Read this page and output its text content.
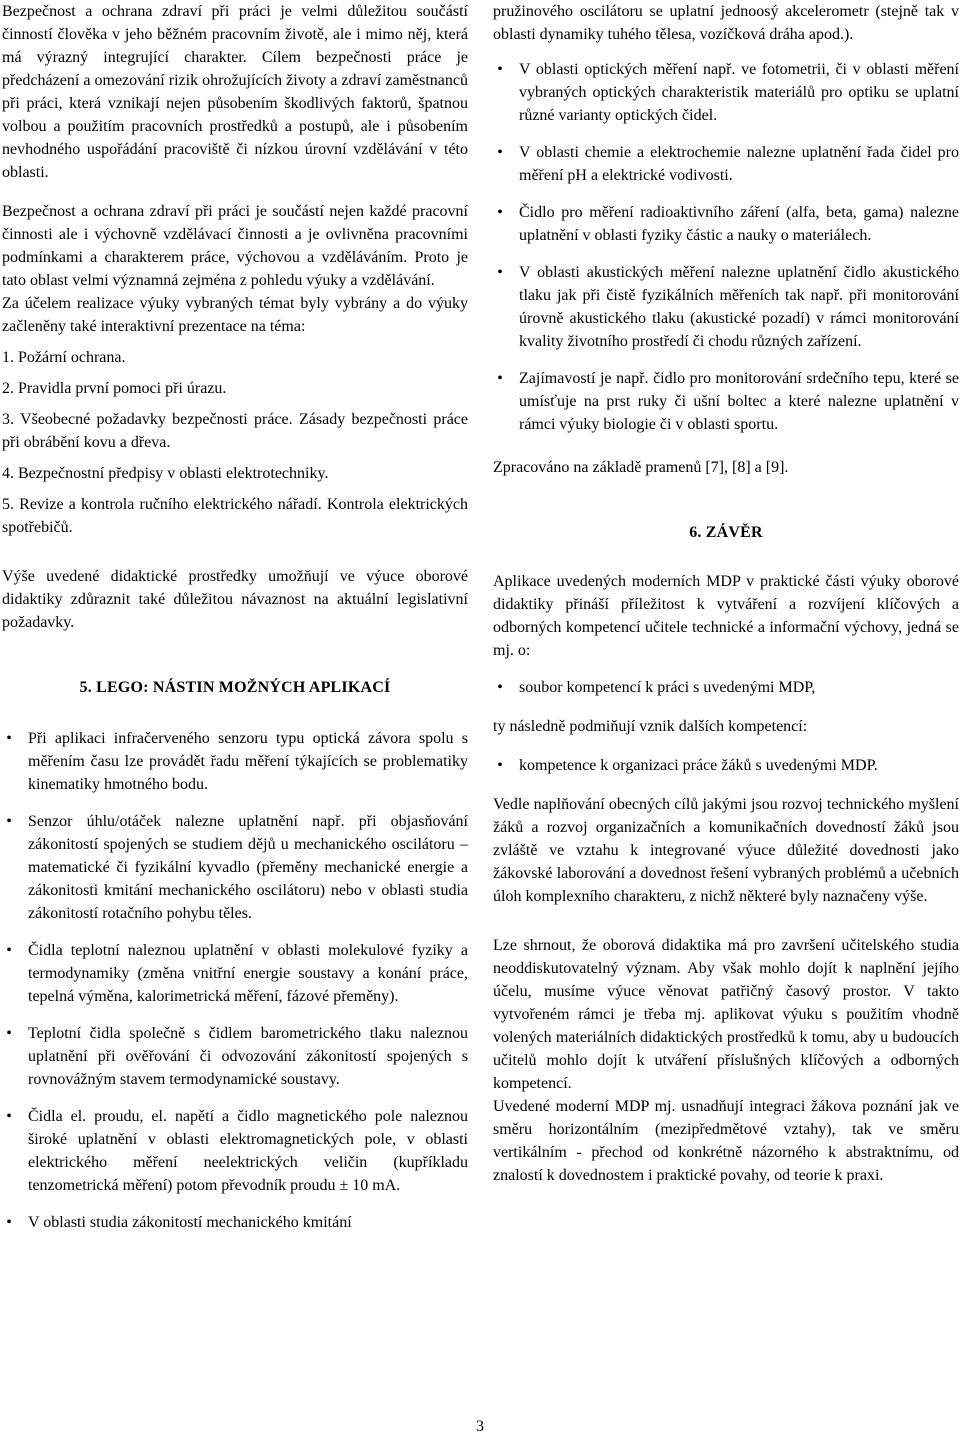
Bezpečnost a ochrana zdraví při práci je velmi důležitou součástí činností člověka v jeho běžném pracovním životě, ale i mimo něj, která má výrazný integrující charakter. Cílem bezpečnosti práce je předcházení a omezování rizik ohrožujících životy a zdraví zaměstnanců při práci, která vznikají nejen působením škodlivých faktorů, špatnou volbou a použitím pracovních prostředků a postupů, ale i působením nevhodného uspořádání pracoviště či nízkou úrovní vzdělávání v této oblasti.

Bezpečnost a ochrana zdraví při práci je součástí nejen každé pracovní činnosti ale i výchovně vzdělávací činnosti a je ovlivněna pracovními podmínkami a charakterem práce, výchovou a vzděláváním. Proto je tato oblast velmi významná zejména z pohledu výuky a vzdělávání.

Za účelem realizace výuky vybraných témat byly vybrány a do výuky začleněny také interaktivní prezentace na téma:

1. Požární ochrana.

2. Pravidla první pomoci při úrazu.

3. Všeobecné požadavky bezpečnosti práce. Zásady bezpečnosti práce při obrábění kovu a dřeva.

4. Bezpečnostní předpisy v oblasti elektrotechniky.

5. Revize a kontrola ručního elektrického nářadí. Kontrola elektrických spotřebičů.

Výše uvedené didaktické prostředky umožňují ve výuce oborové didaktiky zdůraznit také důležitou návaznost na aktuální legislativní požadavky.

5. LEGO: NÁSTIN MOŽNÝCH APLIKACÍ
• Při aplikaci infračerveného senzoru typu optická závora spolu s měřením času lze provádět řadu měření týkajících se problematiky kinematiky hmotného bodu.
• Senzor úhlu/otáček nalezne uplatnění např. při objasňování zákonitostí spojených se studiem dějů u mechanického oscilátoru – matematické či fyzikální kyvadlo (přeměny mechanické energie a zákonitosti kmitání mechanického oscilátoru) nebo v oblasti studia zákonitostí rotačního pohybu těles.
• Čidla teplotní naleznou uplatnění v oblasti molekulové fyziky a termodynamiky (změna vnitřní energie soustavy a konání práce, tepelná výměna, kalorimetrická měření, fázové přeměny).
• Teplotní čidla společně s čidlem barometrického tlaku naleznou uplatnění při ověřování či odvozování zákonitostí spojených s rovnovážným stavem termodynamické soustavy.
• Čidla el. proudu, el. napětí a čidlo magnetického pole naleznou široké uplatnění v oblasti elektromagnetických pole, v oblasti elektrického měření neelektrických veličin (kupříkladu tenzometrická měření) potom převodník proudu ± 10 mA.
• V oblasti studia zákonitostí mechanického kmitání

pružinového oscilátoru se uplatní jednoosý akcelerometr (stejně tak v oblasti dynamiky tuhého tělesa, vozíčková dráha apod.).

• V oblasti optických měření např. ve fotometrii, či v oblasti měření vybraných optických charakteristik materiálů pro optiku se uplatní různé varianty optických čidel.
• V oblasti chemie a elektrochemie nalezne uplatnění řada čidel pro měření pH a elektrické vodivosti.
• Čidlo pro měření radioaktivního záření (alfa, beta, gama) nalezne uplatnění v oblasti fyziky částic a nauky o materiálech.
• V oblasti akustických měření nalezne uplatnění čidlo akustického tlaku jak při čistě fyzikálních měřeních tak např. při monitorování úrovně akustického tlaku (akustické pozadí) v rámci monitorování kvality životního prostředí či chodu různých zařízení.
• Zajímavostí je např. čidlo pro monitorování srdečního tepu, které se umísťuje na prst ruky či ušní boltec a které nalezne uplatnění v rámci výuky biologie či v oblasti sportu.

Zpracováno na základě pramenů [7], [8] a [9].

6. ZÁVĚR

Aplikace uvedených moderních MDP v praktické části výuky oborové didaktiky přináší příležitost k vytváření a rozvíjení klíčových a odborných kompetencí učitele technické a informační výchovy, jedná se mj. o:

• soubor kompetencí k práci s uvedenými MDP,

ty následně podmiňují vznik dalších kompetencí:

• kompetence k organizaci práce žáků s uvedenými MDP.

Vedle naplňování obecných cílů jakými jsou rozvoj technického myšlení žáků a rozvoj organizačních a komunikačních dovedností žáků jsou zvláště ve vztahu k integrované výuce důležité dovednosti jako žákovské laborování a dovednost řešení vybraných problémů a učebních úloh komplexního charakteru, z nichž některé byly naznačeny výše.

Lze shrnout, že oborová didaktika má pro završení učitelského studia neoddiskutovatelný význam. Aby však mohlo dojít k naplnění jejího účelu, musíme výuce věnovat patřičný časový prostor. V takto vytvořeném rámci je třeba mj. aplikovat výuku s použitím vhodně volených materiálních didaktických prostředků k tomu, aby u budoucích učitelů mohlo dojít k utváření příslušných klíčových a odborných kompetencí.

Uvedené moderní MDP mj. usnadňují integraci žákova poznání jak ve směru horizontálním (mezipředmětové vztahy), tak ve směru vertikálním - přechod od konkrétně názorného k abstraktnímu, od znalostí k dovednostem i praktické povahy, od teorie k praxi.

3
